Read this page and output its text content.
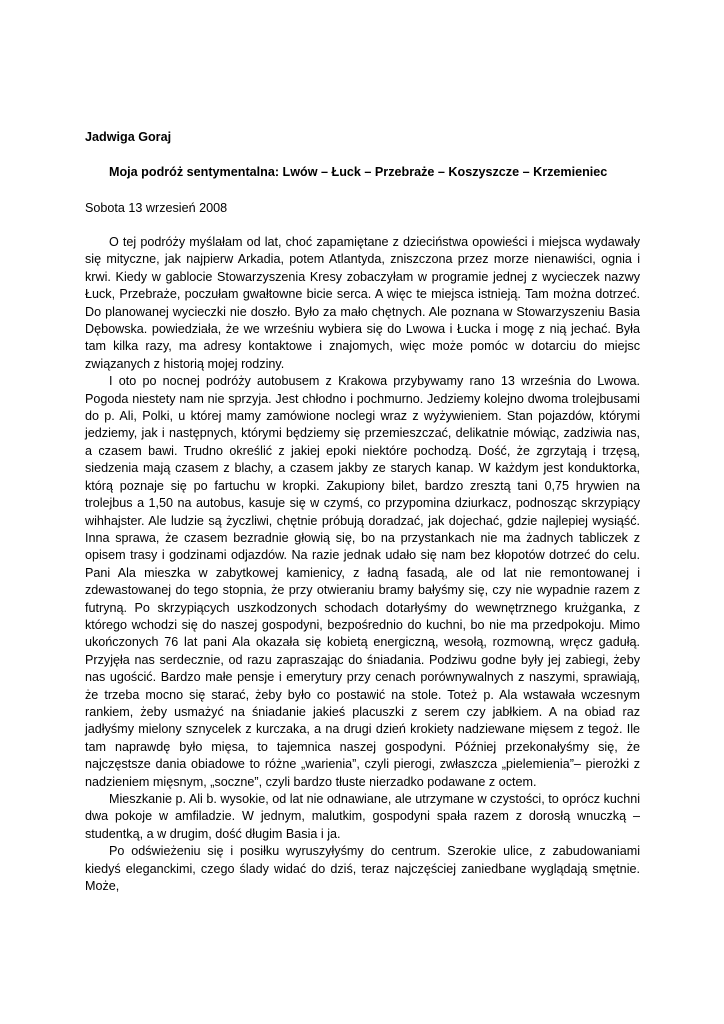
Jadwiga Goraj

Moja podróż sentymentalna: Lwów – Łuck – Przebraże – Koszyszcze – Krzemieniec

Sobota 13 wrzesień 2008

O tej podróży myślałam od lat, choć zapamiętane z dzieciństwa opowieści i miejsca wydawały się mityczne, jak najpierw Arkadia, potem Atlantyda, zniszczona przez morze nienawiści, ognia i krwi. Kiedy w gablocie Stowarzyszenia Kresy zobaczyłam w programie jednej z wycieczek nazwy Łuck, Przebraże, poczułam gwałtowne bicie serca. A więc te miejsca istnieją. Tam można dotrzeć. Do planowanej wycieczki nie doszło. Było za mało chętnych. Ale poznana w Stowarzyszeniu Basia Dębowska. powiedziała, że we wrześniu wybiera się do Lwowa i Łucka i mogę z nią jechać. Była tam kilka razy, ma adresy kontaktowe i znajomych, więc może pomóc w dotarciu do miejsc związanych z historią mojej rodziny.

I oto po nocnej podróży autobusem z Krakowa przybywamy rano 13 września do Lwowa. Pogoda niestety nam nie sprzyja. Jest chłodno i pochmurno. Jedziemy kolejno dwoma trolejbusami do p. Ali, Polki, u której mamy zamówione noclegi wraz z wyżywieniem. Stan pojazdów, którymi jedziemy, jak i następnych, którymi będziemy się przemieszczać, delikatnie mówiąc, zadziwia nas, a czasem bawi. Trudno określić z jakiej epoki niektóre pochodzą. Dość, że zgrzytają i trzęsą, siedzenia mają czasem z blachy, a czasem jakby ze starych kanap. W każdym jest konduktorka, którą poznaje się po fartuchu w kropki. Zakupiony bilet, bardzo zresztą tani 0,75 hrywien na trolejbus a 1,50 na autobus, kasuje się w czymś, co przypomina dziurkacz, podnosząc skrzypiący wihhajster. Ale ludzie są życzliwi, chętnie próbują doradzać, jak dojechać, gdzie najlepiej wysiąść. Inna sprawa, że czasem bezradnie głowią się, bo na przystankach nie ma żadnych tabliczek z opisem trasy i godzinami odjazdów. Na razie jednak udało się nam bez kłopotów dotrzeć do celu. Pani Ala mieszka w zabytkowej kamienicy, z ładną fasadą, ale od lat nie remontowanej i zdewastowanej do tego stopnia, że przy otwieraniu bramy bałyśmy się, czy nie wypadnie razem z futryną. Po skrzypiących uszkodzonych schodach dotarłyśmy do wewnętrznego krużganka, z którego wchodzi się do naszej gospodyni, bezpośrednio do kuchni, bo nie ma przedpokoju. Mimo ukończonych 76 lat pani Ala okazała się kobietą energiczną, wesołą, rozmowną, wręcz gadułą. Przyjęła nas serdecznie, od razu zapraszając do śniadania. Podziwu godne były jej zabiegi, żeby nas ugościć. Bardzo małe pensje i emerytury przy cenach porównywalnych z naszymi, sprawiają, że trzeba mocno się starać, żeby było co postawić na stole. Toteż p. Ala wstawała wczesnym rankiem, żeby usmażyć na śniadanie jakieś placuszki z serem czy jabłkiem. A na obiad raz jadłyśmy mielony sznycelek z kurczaka, a na drugi dzień krokiety nadziewane mięsem z tegoż. Ile tam naprawdę było mięsa, to tajemnica naszej gospodyni. Później przekonałyśmy się, że najczęstsze dania obiadowe to różne „warienia”, czyli pierogi, zwłaszcza „pielemienia”– pierożki z nadzieniem mięsnym, „soczne”, czyli bardzo tłuste nierzadko podawane z octem.

Mieszkanie p. Ali b. wysokie, od lat nie odnawiane, ale utrzymane w czystości, to oprócz kuchni dwa pokoje w amfiladzie. W jednym, malutkim, gospodyni spała razem z dorosłą wnuczką – studentką, a w drugim, dość długim Basia i ja.

Po odświeżeniu się i posiłku wyruszyłyśmy do centrum. Szerokie ulice, z zabudowaniami kiedyś eleganckimi, czego ślady widać do dziś, teraz najczęściej zaniedbane wyglądają smętnie. Może,
